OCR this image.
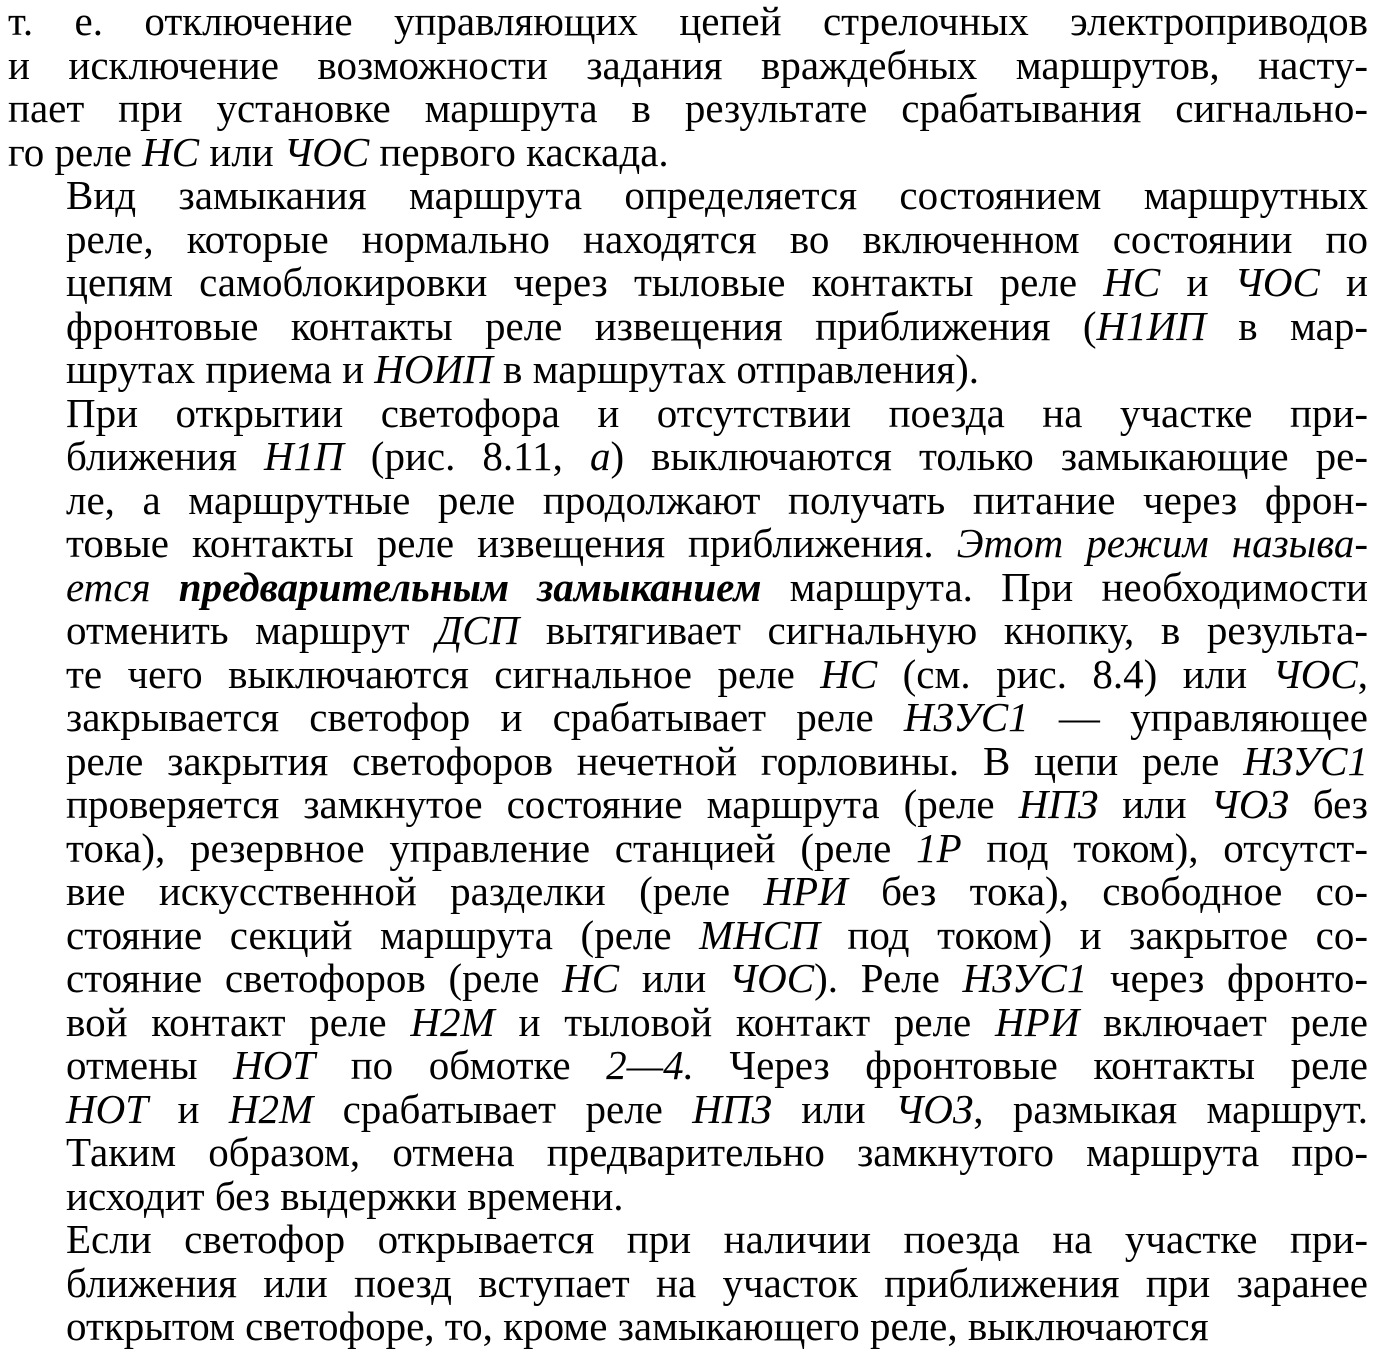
т. е. отключение управляющих цепей стрелочных электроприводов
и исключение возможности задания враждебных маршрутов, насту-
пает при установке маршрута в результате срабатывания сигнально-
го реле НС или ЧОС первого каскада.
Вид замыкания маршрута определяется состоянием маршрутных
реле, которые нормально находятся во включенном состоянии по
цепям самоблокировки через тыловые контакты реле НС и ЧОС и
фронтовые контакты реле извещения приближения (Н1ИП в мар-
шрутах приема и НОИП в маршрутах отправления).
При открытии светофора и отсутствии поезда на участке при-
ближения Н1П (рис. 8.11, а) выключаются только замыкающие ре-
ле, а маршрутные реле продолжают получать питание через фрон-
товые контакты реле извещения приближения. Этот режим называ-
ется предварительным замыканием маршрута. При необходимости
отменить маршрут ДСП вытягивает сигнальную кнопку, в результа-
те чего выключаются сигнальное реле НС (см. рис. 8.4) или ЧОС,
закрывается светофор и срабатывает реле НЗУС1 — управляющее
реле закрытия светофоров нечетной горловины. В цепи реле НЗУС1
проверяется замкнутое состояние маршрута (реле НПЗ или ЧОЗ без
тока), резервное управление станцией (реле 1Р под током), отсутст-
вие искусственной разделки (реле НРИ без тока), свободное со-
стояние секций маршрута (реле МНСП под током) и закрытое со-
стояние светофоров (реле НС или ЧОС). Реле НЗУС1 через фронто-
вой контакт реле Н2М и тыловой контакт реле НРИ включает реле
отмены НОТ по обмотке 2—4. Через фронтовые контакты реле
НОТ и Н2М срабатывает реле НПЗ или ЧОЗ, размыкая маршрут.
Таким образом, отмена предварительно замкнутого маршрута про-
исходит без выдержки времени.
Если светофор открывается при наличии поезда на участке при-
ближения или поезд вступает на участок приближения при заранее
открытом светофоре, то, кроме замыкающего реле, выключаются
